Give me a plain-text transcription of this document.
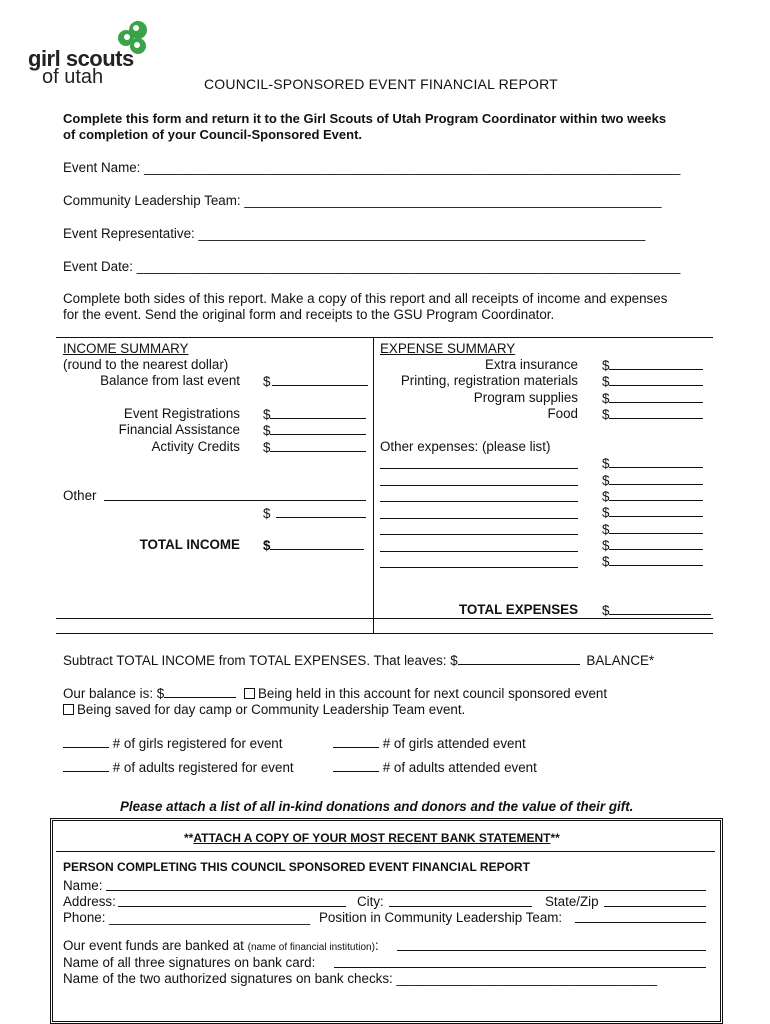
girl scouts
of utah	COUNCIL-SPONSORED EVENT FINANCIAL REPORT
Complete this form and return it to the Girl Scouts of Utah Program Coordinator within two weeks
of completion of your Council-Sponsored Event.
Event Name: ________________________________________________________________________
Community Leadership Team: ________________________________________________________
Event Representative: ____________________________________________________________
Event Date: _________________________________________________________________________
Complete both sides of this report. Make a copy of this report and all receipts of income and expenses
for the event. Send the original form and receipts to the GSU Program Coordinator.
INCOME SUMMARY
(round to the nearest dollar)
Balance from last event $
Event Registrations $
Financial Assistance $
Activity Credits $
Other
$
TOTAL INCOME $
EXPENSE SUMMARY
Extra insurance $
Printing, registration materials $
Program supplies $
Food $
Other expenses: (please list)
$
$
$
$
$
$
$
TOTAL EXPENSES $
Subtract TOTAL INCOME from TOTAL EXPENSES. That leaves: $	BALANCE*
Our balance is: $	Being held in this account for next council sponsored event
Being saved for day camp or Community Leadership Team event.
# of girls registered for event	# of girls attended event
# of adults registered for event	# of adults attended event
Please attach a list of all in-kind donations and donors and the value of their gift.
**ATTACH A COPY OF YOUR MOST RECENT BANK STATEMENT**
PERSON COMPLETING THIS COUNCIL SPONSORED EVENT FINANCIAL REPORT
Name:
Address:	City:	State/Zip
Phone: ___________________________ Position in Community Leadership Team:
Our event funds are banked at (name of financial institution):
Name of all three signatures on bank card:
Name of the two authorized signatures on bank checks: ___________________________________
